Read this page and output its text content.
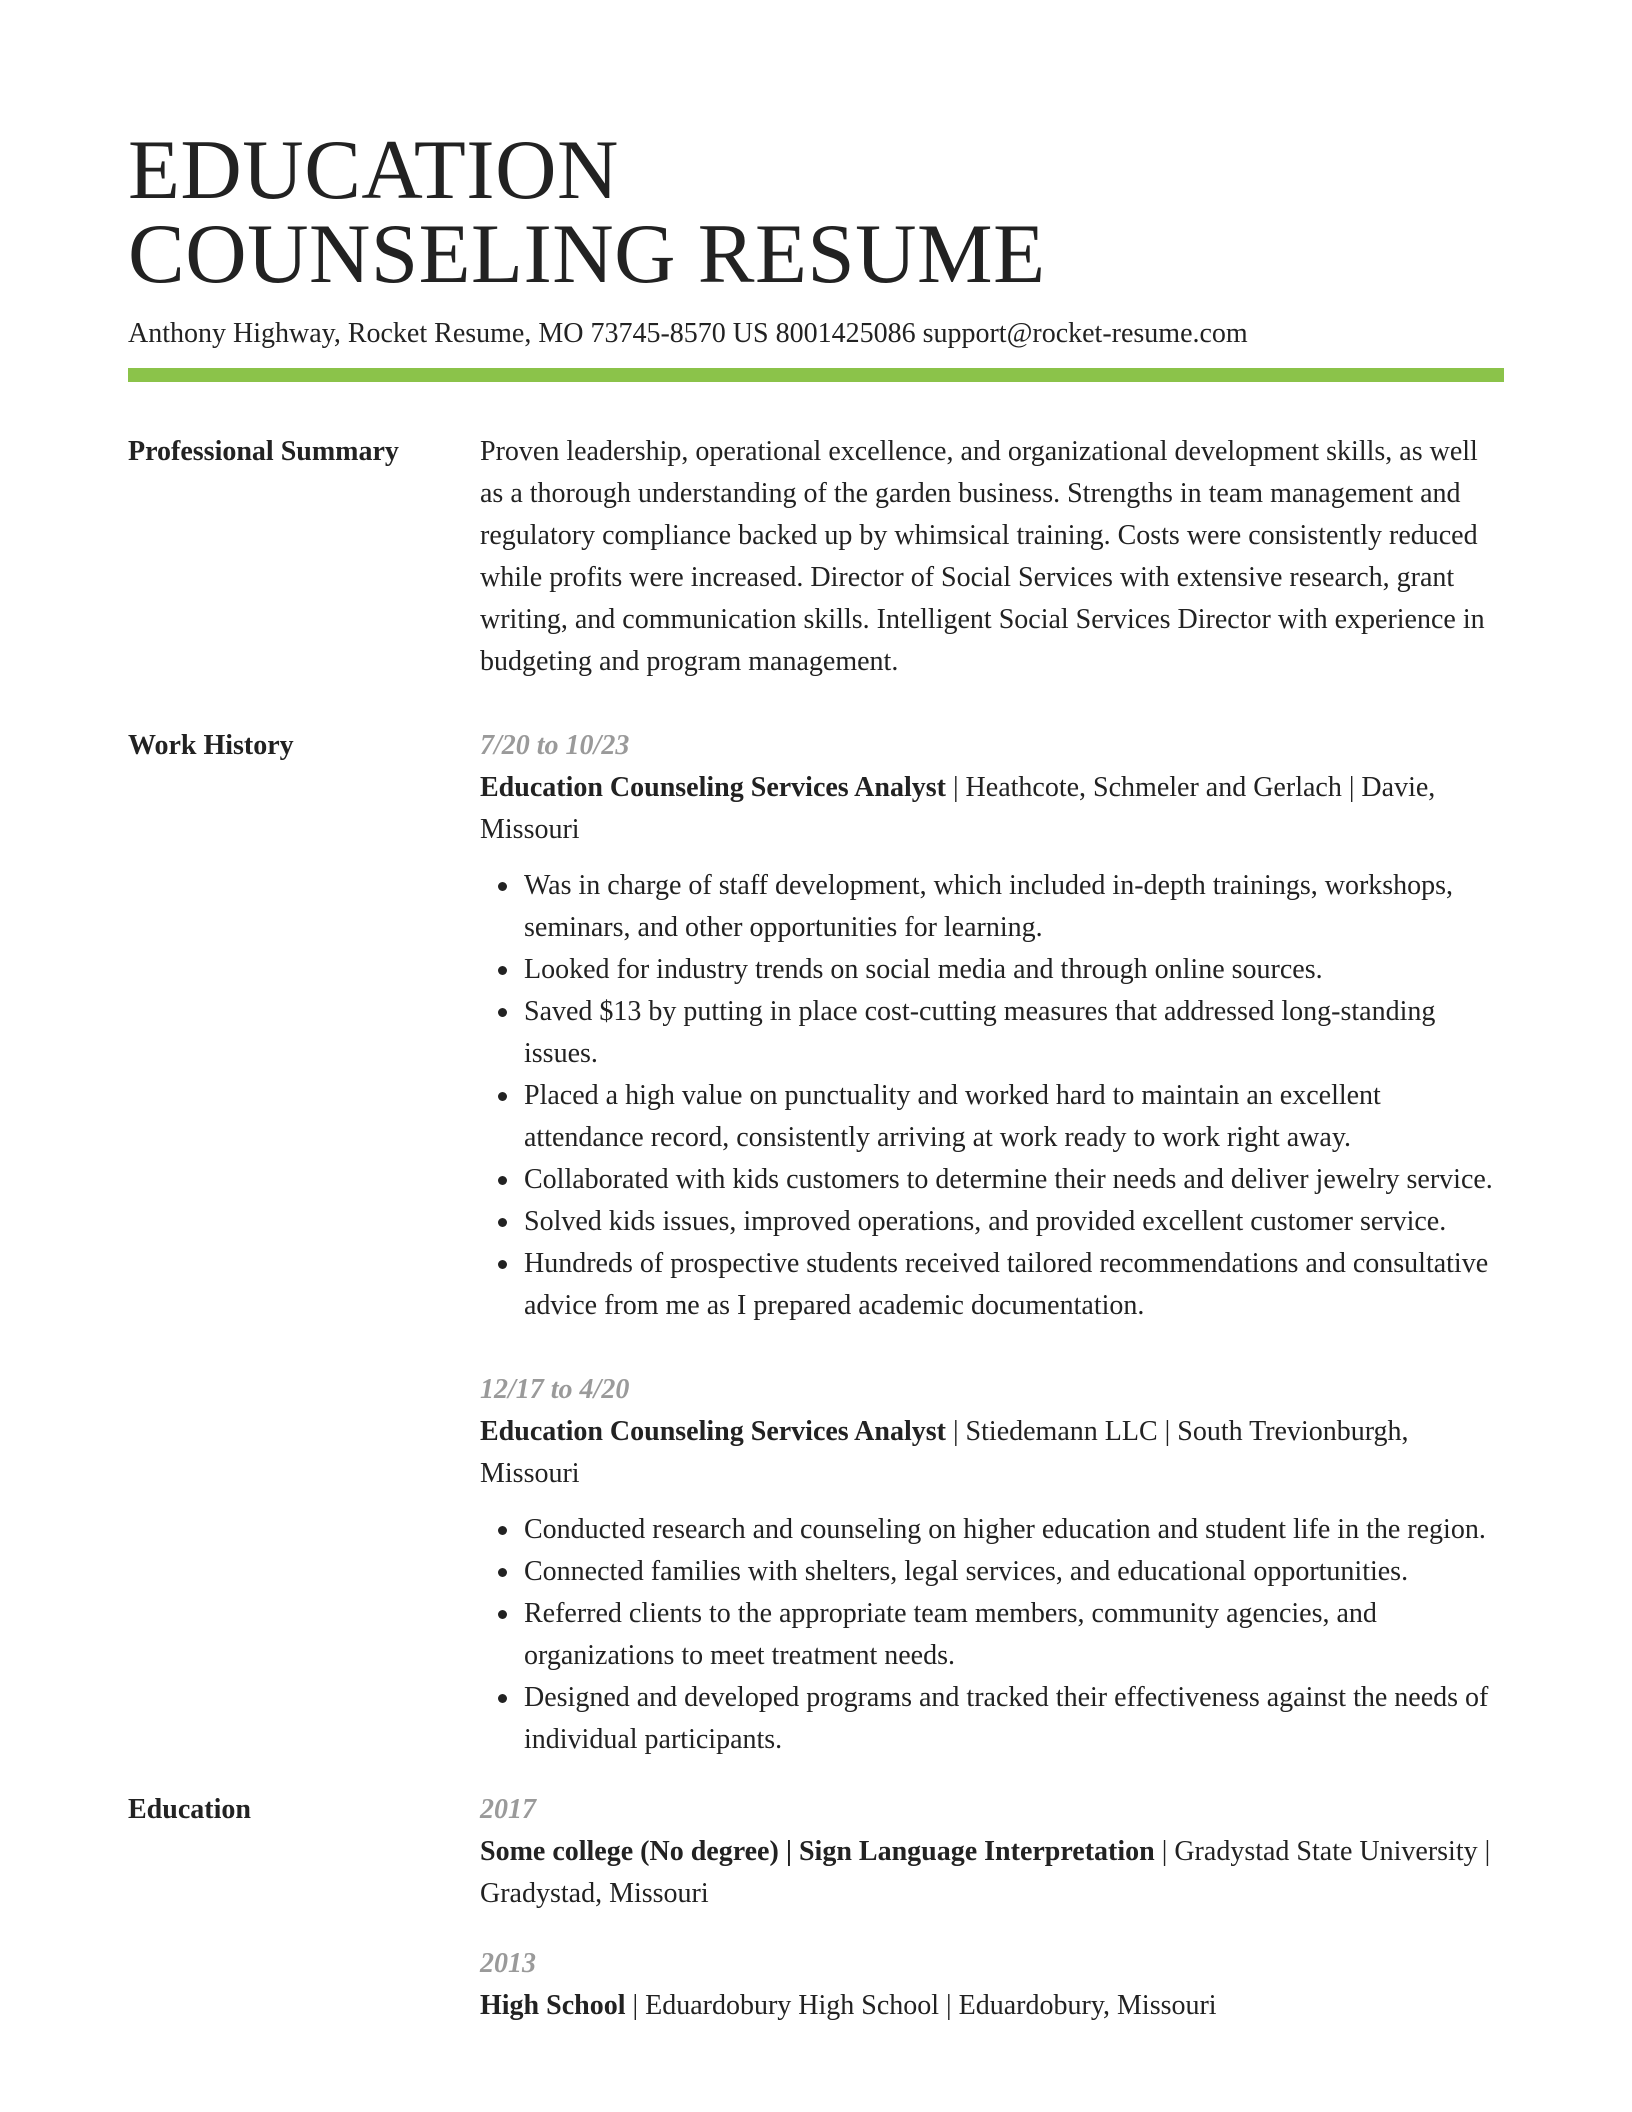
EDUCATION
COUNSELING RESUME
Anthony Highway, Rocket Resume, MO 73745-8570 US 8001425086 support@rocket-resume.com
Professional Summary	Proven leadership, operational excellence, and organizational development skills, as well as a thorough understanding of the garden business. Strengths in team management and regulatory compliance backed up by whimsical training. Costs were consistently reduced while profits were increased. Director of Social Services with extensive research, grant writing, and communication skills. Intelligent Social Services Director with experience in budgeting and program management.
Work History	7/20 to 10/23
Education Counseling Services Analyst | Heathcote, Schmeler and Gerlach | Davie, Missouri
Was in charge of staff development, which included in-depth trainings, workshops, seminars, and other opportunities for learning.
Looked for industry trends on social media and through online sources.
Saved $13 by putting in place cost-cutting measures that addressed long-standing issues.
Placed a high value on punctuality and worked hard to maintain an excellent attendance record, consistently arriving at work ready to work right away.
Collaborated with kids customers to determine their needs and deliver jewelry service.
Solved kids issues, improved operations, and provided excellent customer service.
Hundreds of prospective students received tailored recommendations and consultative advice from me as I prepared academic documentation.
12/17 to 4/20
Education Counseling Services Analyst | Stiedemann LLC | South Trevionburgh, Missouri
Conducted research and counseling on higher education and student life in the region.
Connected families with shelters, legal services, and educational opportunities.
Referred clients to the appropriate team members, community agencies, and organizations to meet treatment needs.
Designed and developed programs and tracked their effectiveness against the needs of individual participants.
Education	2017
Some college (No degree) | Sign Language Interpretation | Gradystad State University | Gradystad, Missouri
2013
High School | Eduardobury High School | Eduardobury, Missouri
